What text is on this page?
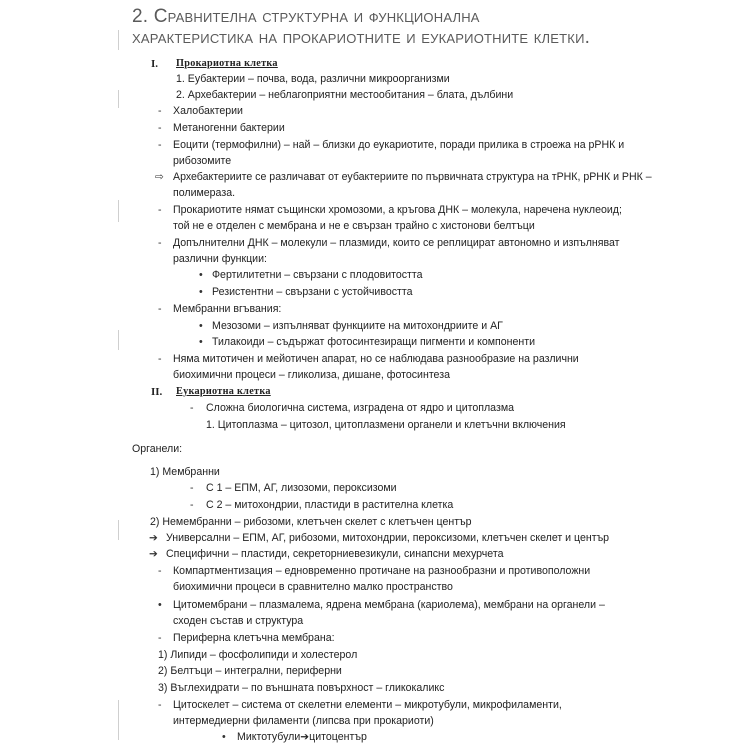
2. Сравнителна структурна и функционална
характеристика на прокариотните и еукариотните клетки.
I. Прокариотна клетка
1. Еубактерии – почва, вода, различни микроорганизми
2. Архебактерии – неблагоприятни местообитания – блата, дълбини
- Халобактерии
- Метаногенни бактерии
- Еоцити (термофилни) – най – близки до еукариотите, поради прилика в строежа на рРНК и
рибозомите
⇨ Архебактериите се различават от еубактериите по първичната структура на тРНК, рРНК и РНК –
полимераза.
- Прокариотите нямат същински хромозоми, а кръгова ДНК – молекула, наречена нуклеоид;
той не е отделен с мембрана и не е свързан трайно с хистонови белтъци
- Допълнителни ДНК – молекули – плазмиди, които се реплицират автономно и изпълняват
различни функции:
• Фертилитетни – свързани с плодовитостта
• Резистентни – свързани с устойчивостта
- Мембранни вгъвания:
• Мезозоми – изпълняват функциите на митохондриите и АГ
• Тилакоиди – съдържат фотосинтезиращи пигменти и компоненти
- Няма митотичен и мейотичен апарат, но се наблюдава разнообразие на различни
биохимични процеси – гликолиза, дишане, фотосинтеза
II. Еукариотна клетка
- Сложна биологична система, изградена от ядро и цитоплазма
1. Цитоплазма – цитозол, цитоплазмени органели и клетъчни включения
Органели:
1) Мембранни
- С 1 – ЕПМ, АГ, лизозоми, пероксизоми
- С 2 – митохондрии, пластиди в растителна клетка
2) Немембранни – рибозоми, клетъчен скелет с клетъчен център
➔ Универсални – ЕПМ, АГ, рибозоми, митохондрии, пероксизоми, клетъчен скелет и център
➔ Специфични – пластиди, секреторниевезикули, синапсни мехурчета
- Компартментизация – едновременно протичане на разнообразни и противоположни
биохимични процеси в сравнително малко пространство
• Цитомембрани – плазмалема, ядрена мембрана (кариолема), мембрани на органели –
сходен състав и структура
- Периферна клетъчна мембрана:
1) Липиди – фосфолипиди и холестерол
2) Белтъци – интегрални, периферни
3) Въглехидрати – по външната повърхност – гликокаликс
- Цитоскелет – система от скелетни елементи – микротубули, микрофиламенти,
интермедиерни филаменти (липсва при прокариоти)
• Миктотубули➔цитоцентър
